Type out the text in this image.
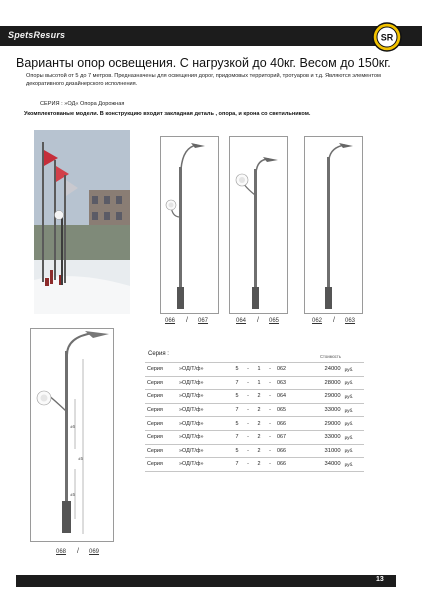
SpetsResurs	SR
Варианты опор освещения. С нагрузкой до 40кг. Весом до 150кг.
Опоры высотой от 5 до 7 метров. Предназначены для освещения дорог, придомовых территорий, тротуаров и т.д. Являются элементом декоративного дизайнерского исполнения.
СЕРИЯ : »ОД« Опора Дорожная
Укомплектованые модели. В конструкцию входит закладная деталь , опора, и крона со светильником.
066 / 067	064 / 065	062 / 063
±6
±5
±5
068 / 069
Серия :	Стоимость
Серия	»ОД/Т/ф»	5	-	1	-	062	24000	руб.
Серия	»ОД/Т/ф»	7	-	1	-	063	28000	руб.
Серия	»ОД/Т/ф»	5	-	2	-	064	29000	руб.
Серия	»ОД/Т/ф»	7	-	2	-	065	33000	руб.
Серия	»ОД/Т/ф»	5	-	2	-	066	29000	руб.
Серия	»ОД/Т/ф»	7	-	2	-	067	33000	руб.
Серия	»ОД/Т/ф»	5	-	2	-	066	31000	руб.
Серия	»ОД/Т/ф»	7	-	2	-	066	34000	руб.
13
